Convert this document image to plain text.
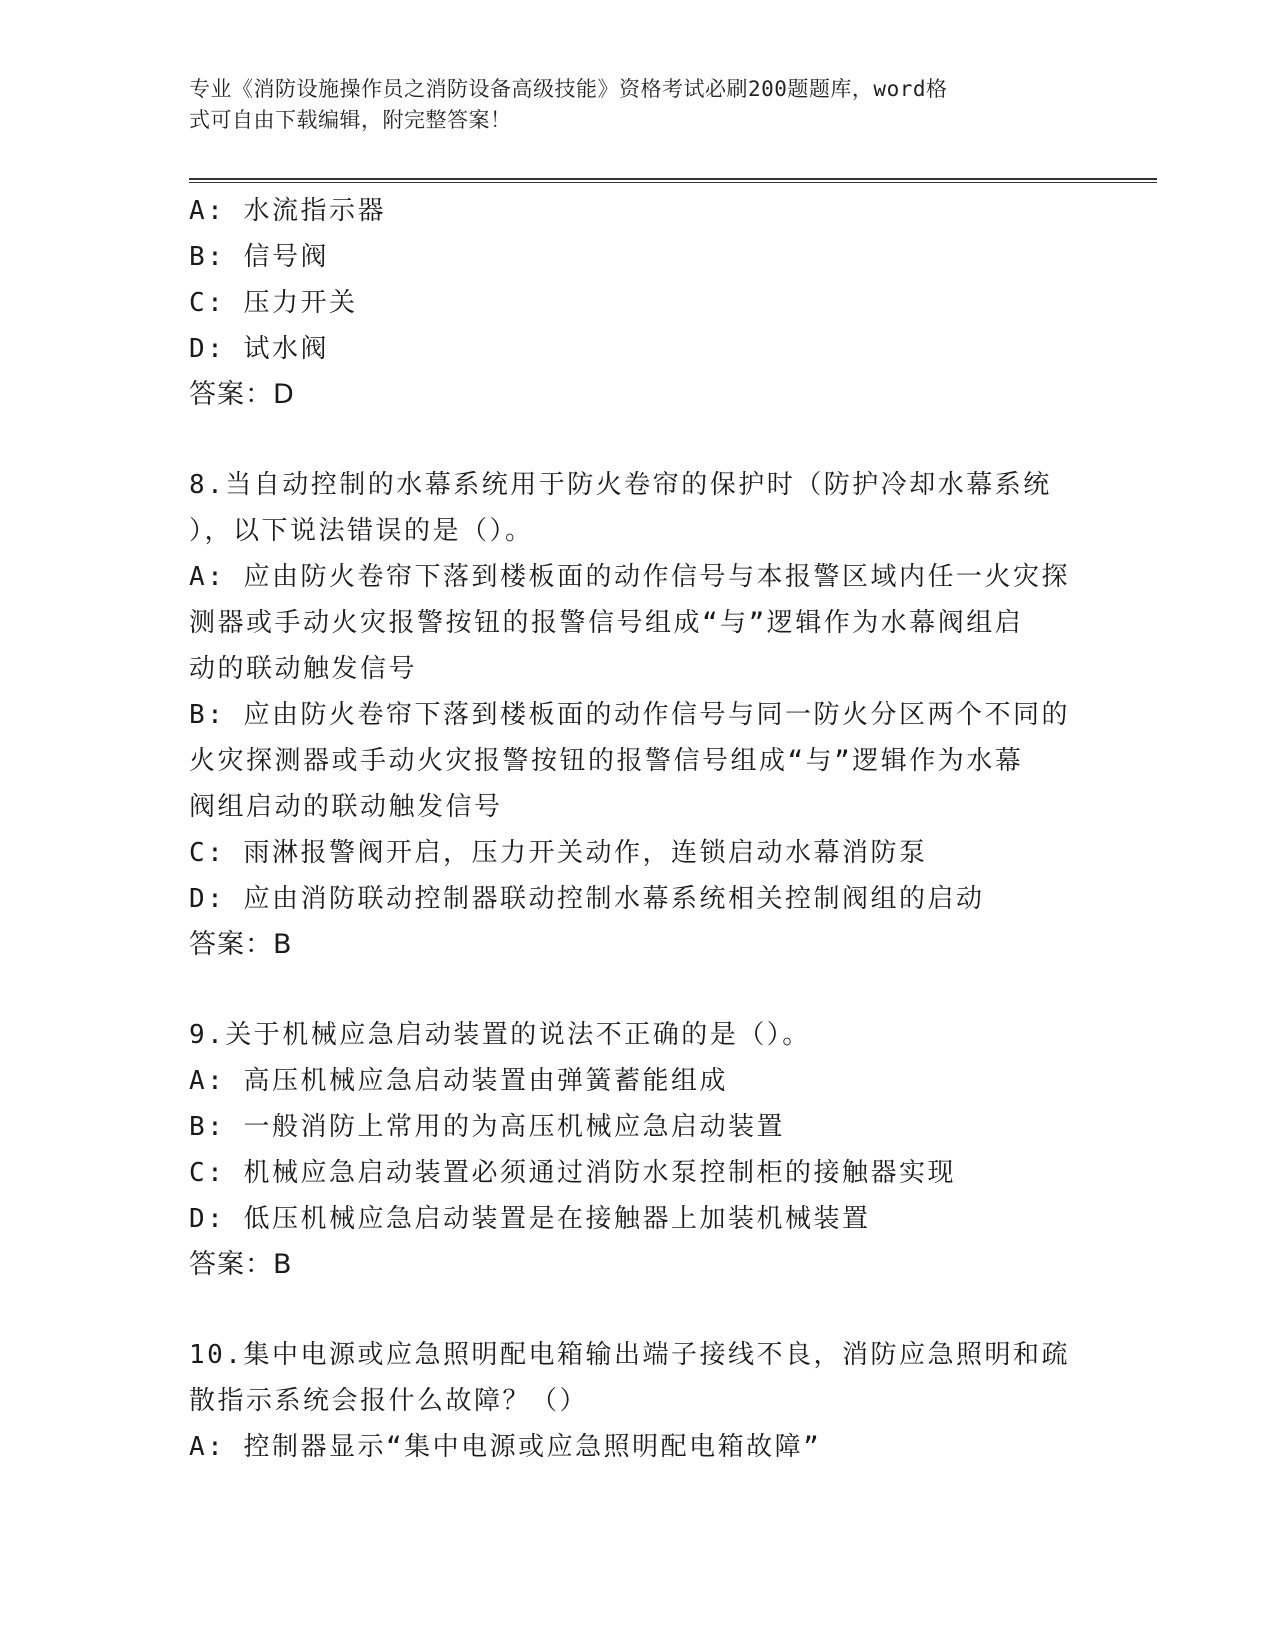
专业《消防设施操作员之消防设备高级技能》资格考试必刷200题题库，word格
式可自由下载编辑，附完整答案！
A: 水流指示器
B: 信号阀
C: 压力开关
D: 试水阀
答案：D
8.当自动控制的水幕系统用于防火卷帘的保护时（防护冷却水幕系统
），以下说法错误的是（）。
A: 应由防火卷帘下落到楼板面的动作信号与本报警区域内任一火灾探
测器或手动火灾报警按钮的报警信号组成“与”逻辑作为水幕阀组启
动的联动触发信号
B: 应由防火卷帘下落到楼板面的动作信号与同一防火分区两个不同的
火灾探测器或手动火灾报警按钮的报警信号组成“与”逻辑作为水幕
阀组启动的联动触发信号
C: 雨淋报警阀开启，压力开关动作，连锁启动水幕消防泵
D: 应由消防联动控制器联动控制水幕系统相关控制阀组的启动
答案：B
9.关于机械应急启动装置的说法不正确的是（）。
A: 高压机械应急启动装置由弹簧蓄能组成
B: 一般消防上常用的为高压机械应急启动装置
C: 机械应急启动装置必须通过消防水泵控制柜的接触器实现
D: 低压机械应急启动装置是在接触器上加装机械装置
答案：B
10.集中电源或应急照明配电箱输出端子接线不良，消防应急照明和疏
散指示系统会报什么故障？（）
A: 控制器显示“集中电源或应急照明配电箱故障”
